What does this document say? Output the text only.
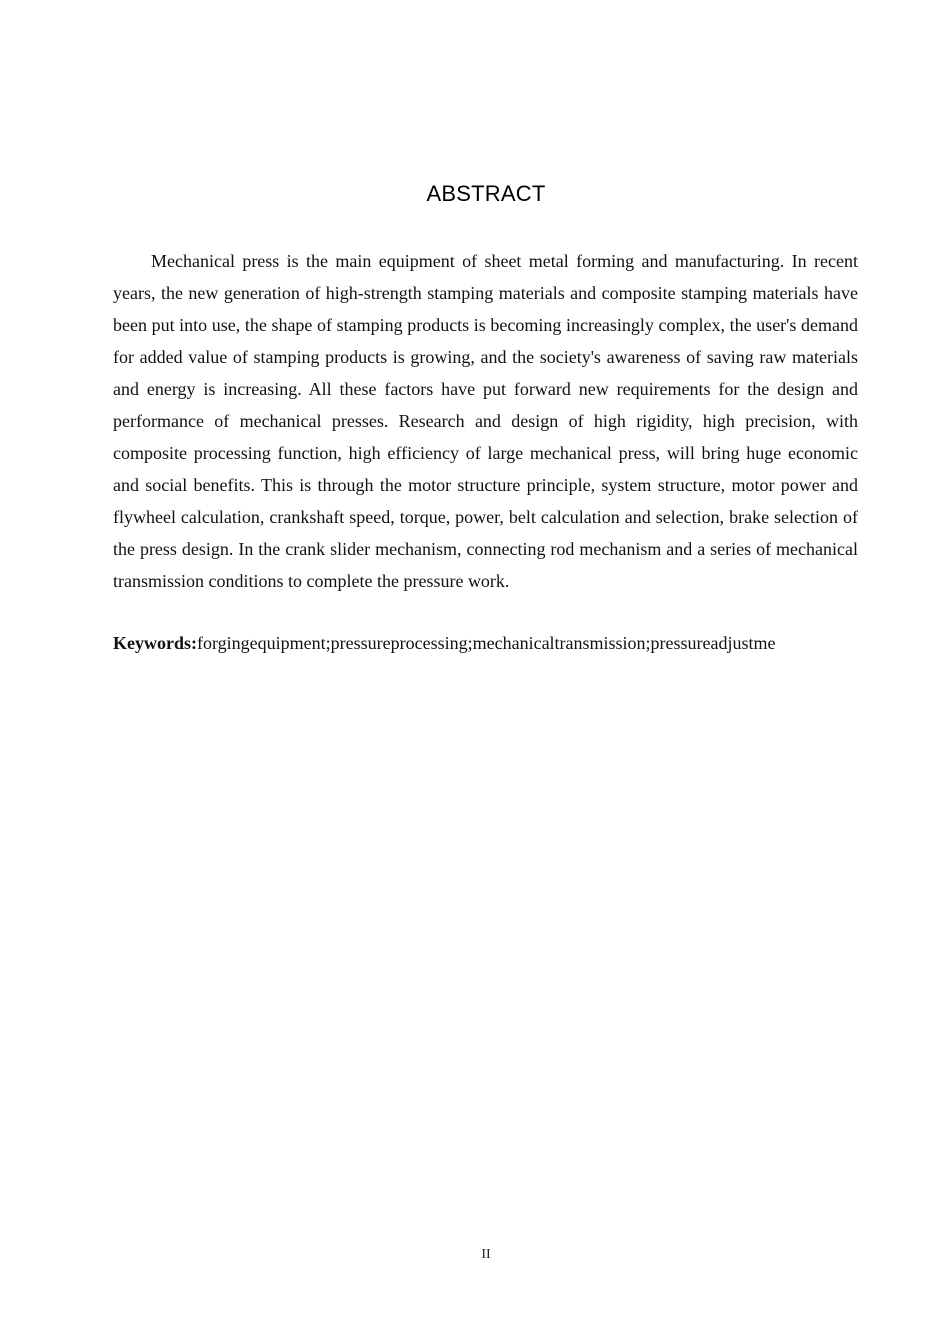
ABSTRACT

Mechanical press is the main equipment of sheet metal forming and manufacturing. In recent years, the new generation of high-strength stamping materials and composite stamping materials have been put into use, the shape of stamping products is becoming increasingly complex, the user's demand for added value of stamping products is growing, and the society's awareness of saving raw materials and energy is increasing. All these factors have put forward new requirements for the design and performance of mechanical presses. Research and design of high rigidity, high precision, with composite processing function, high efficiency of large mechanical press, will bring huge economic and social benefits. This is through the motor structure principle, system structure, motor power and flywheel calculation, crankshaft speed, torque, power, belt calculation and selection, brake selection of the press design. In the crank slider mechanism, connecting rod mechanism and a series of mechanical transmission conditions to complete the pressure work.

Keywords:forgingequipment;pressureprocessing;mechanicaltransmission;pressureadjustme

II
